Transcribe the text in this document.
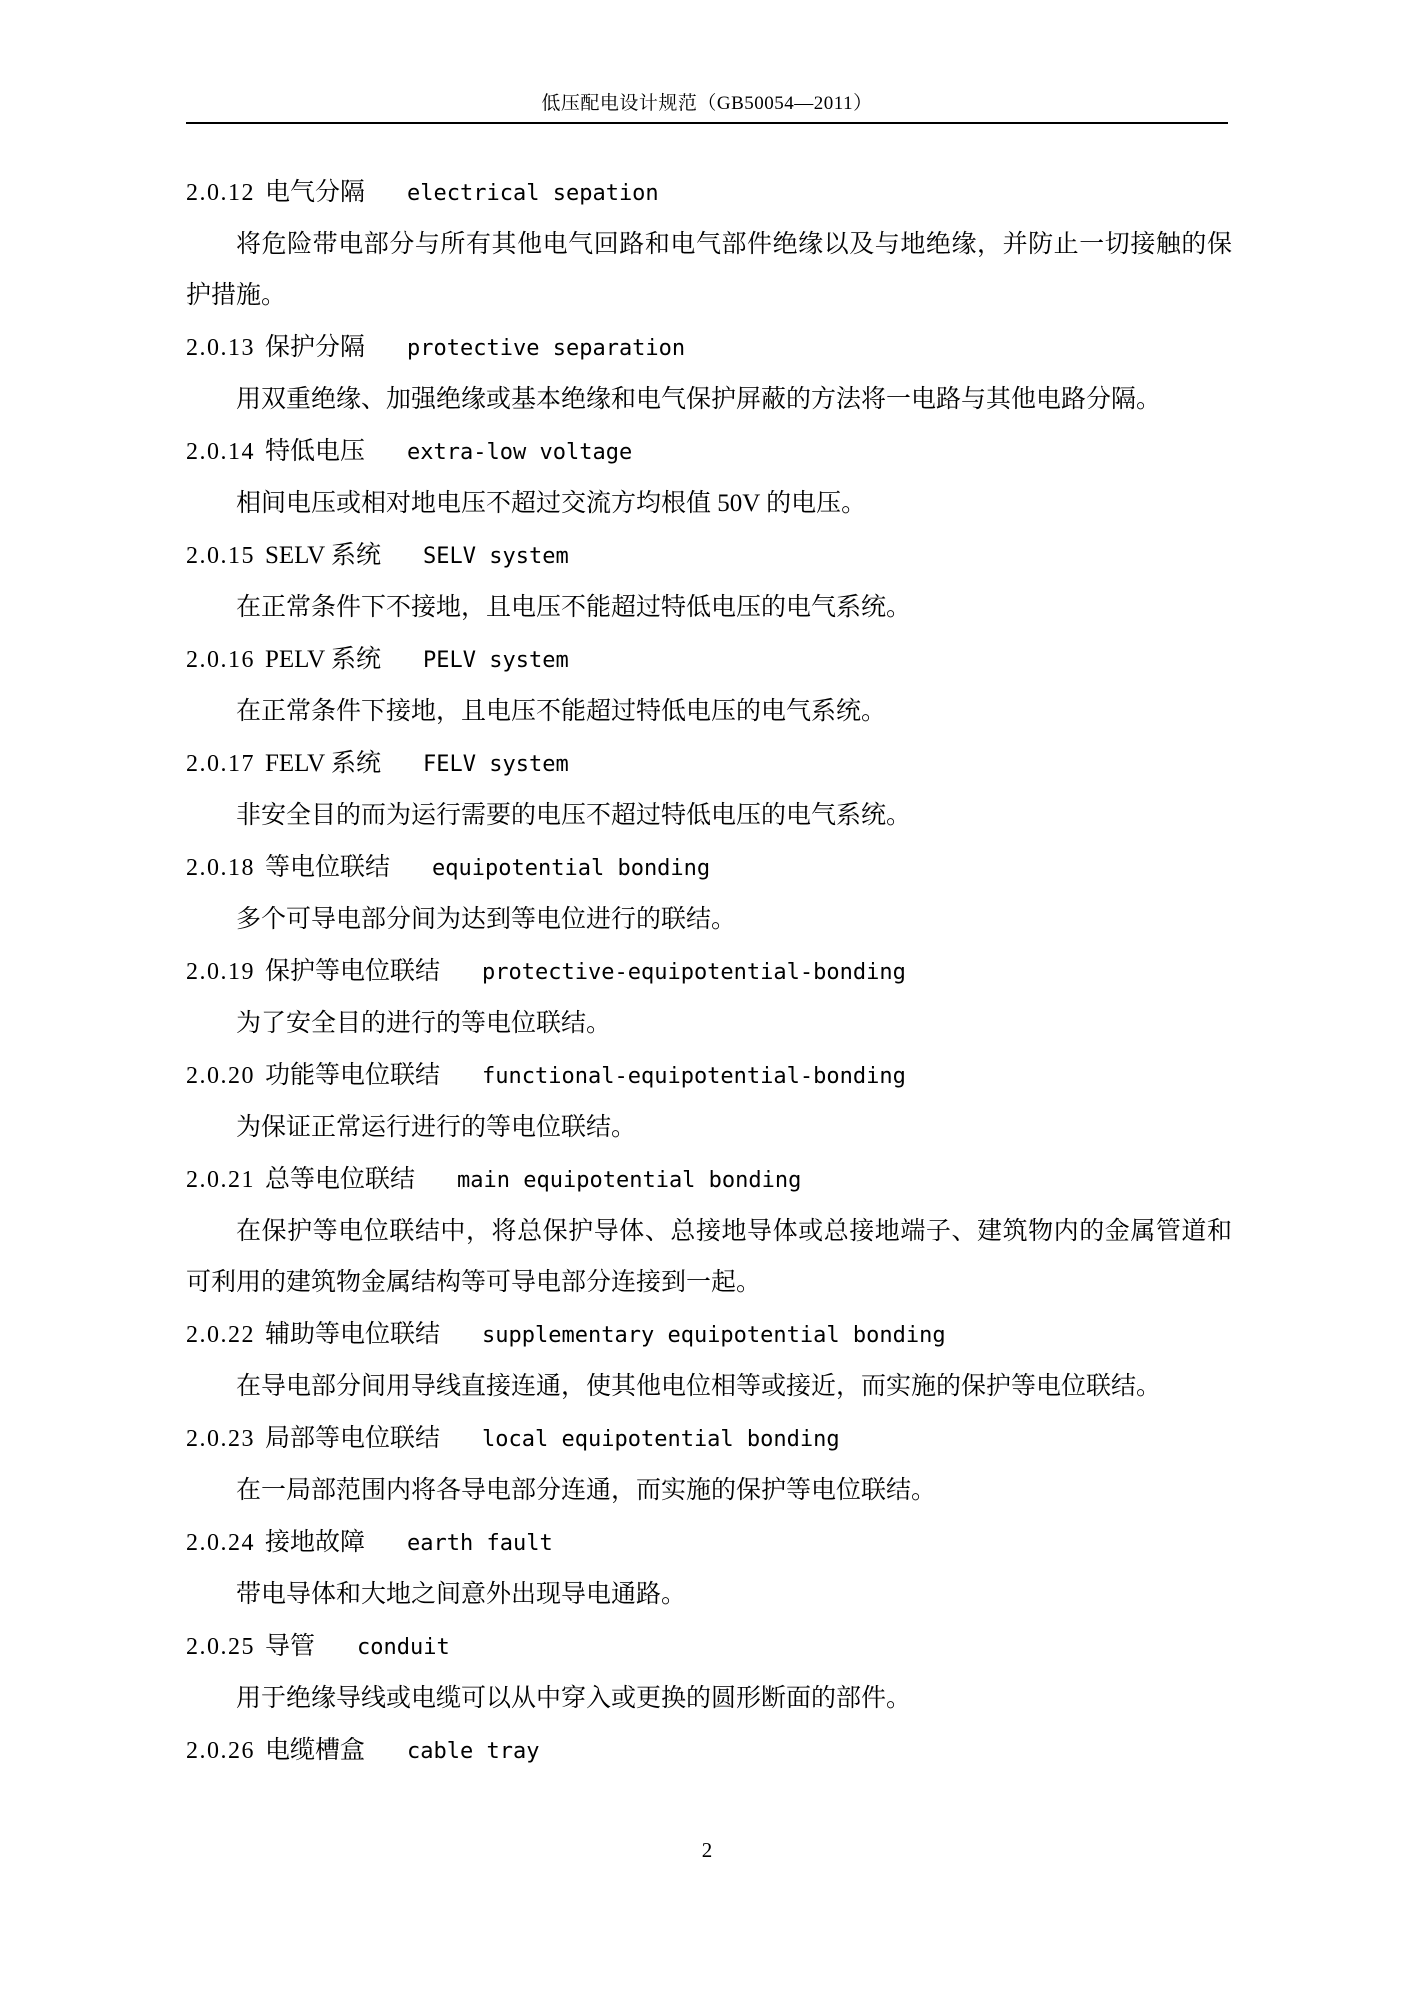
低压配电设计规范（GB50054—2011）
2.0.12 电气分隔 electrical sepation
将危险带电部分与所有其他电气回路和电气部件绝缘以及与地绝缘，并防止一切接触的保护措施。
2.0.13 保护分隔 protective separation
用双重绝缘、加强绝缘或基本绝缘和电气保护屏蔽的方法将一电路与其他电路分隔。
2.0.14 特低电压 extra-low voltage
相间电压或相对地电压不超过交流方均根值 50V 的电压。
2.0.15 SELV 系统 SELV system
在正常条件下不接地，且电压不能超过特低电压的电气系统。
2.0.16 PELV 系统 PELV system
在正常条件下接地，且电压不能超过特低电压的电气系统。
2.0.17 FELV 系统 FELV system
非安全目的而为运行需要的电压不超过特低电压的电气系统。
2.0.18 等电位联结 equipotential bonding
多个可导电部分间为达到等电位进行的联结。
2.0.19 保护等电位联结 protective-equipotential-bonding
为了安全目的进行的等电位联结。
2.0.20 功能等电位联结 functional-equipotential-bonding
为保证正常运行进行的等电位联结。
2.0.21 总等电位联结 main equipotential bonding
在保护等电位联结中，将总保护导体、总接地导体或总接地端子、建筑物内的金属管道和可利用的建筑物金属结构等可导电部分连接到一起。
2.0.22 辅助等电位联结 supplementary equipotential bonding
在导电部分间用导线直接连通，使其他电位相等或接近，而实施的保护等电位联结。
2.0.23 局部等电位联结 local equipotential bonding
在一局部范围内将各导电部分连通，而实施的保护等电位联结。
2.0.24 接地故障 earth fault
带电导体和大地之间意外出现导电通路。
2.0.25 导管 conduit
用于绝缘导线或电缆可以从中穿入或更换的圆形断面的部件。
2.0.26 电缆槽盒 cable tray
2
